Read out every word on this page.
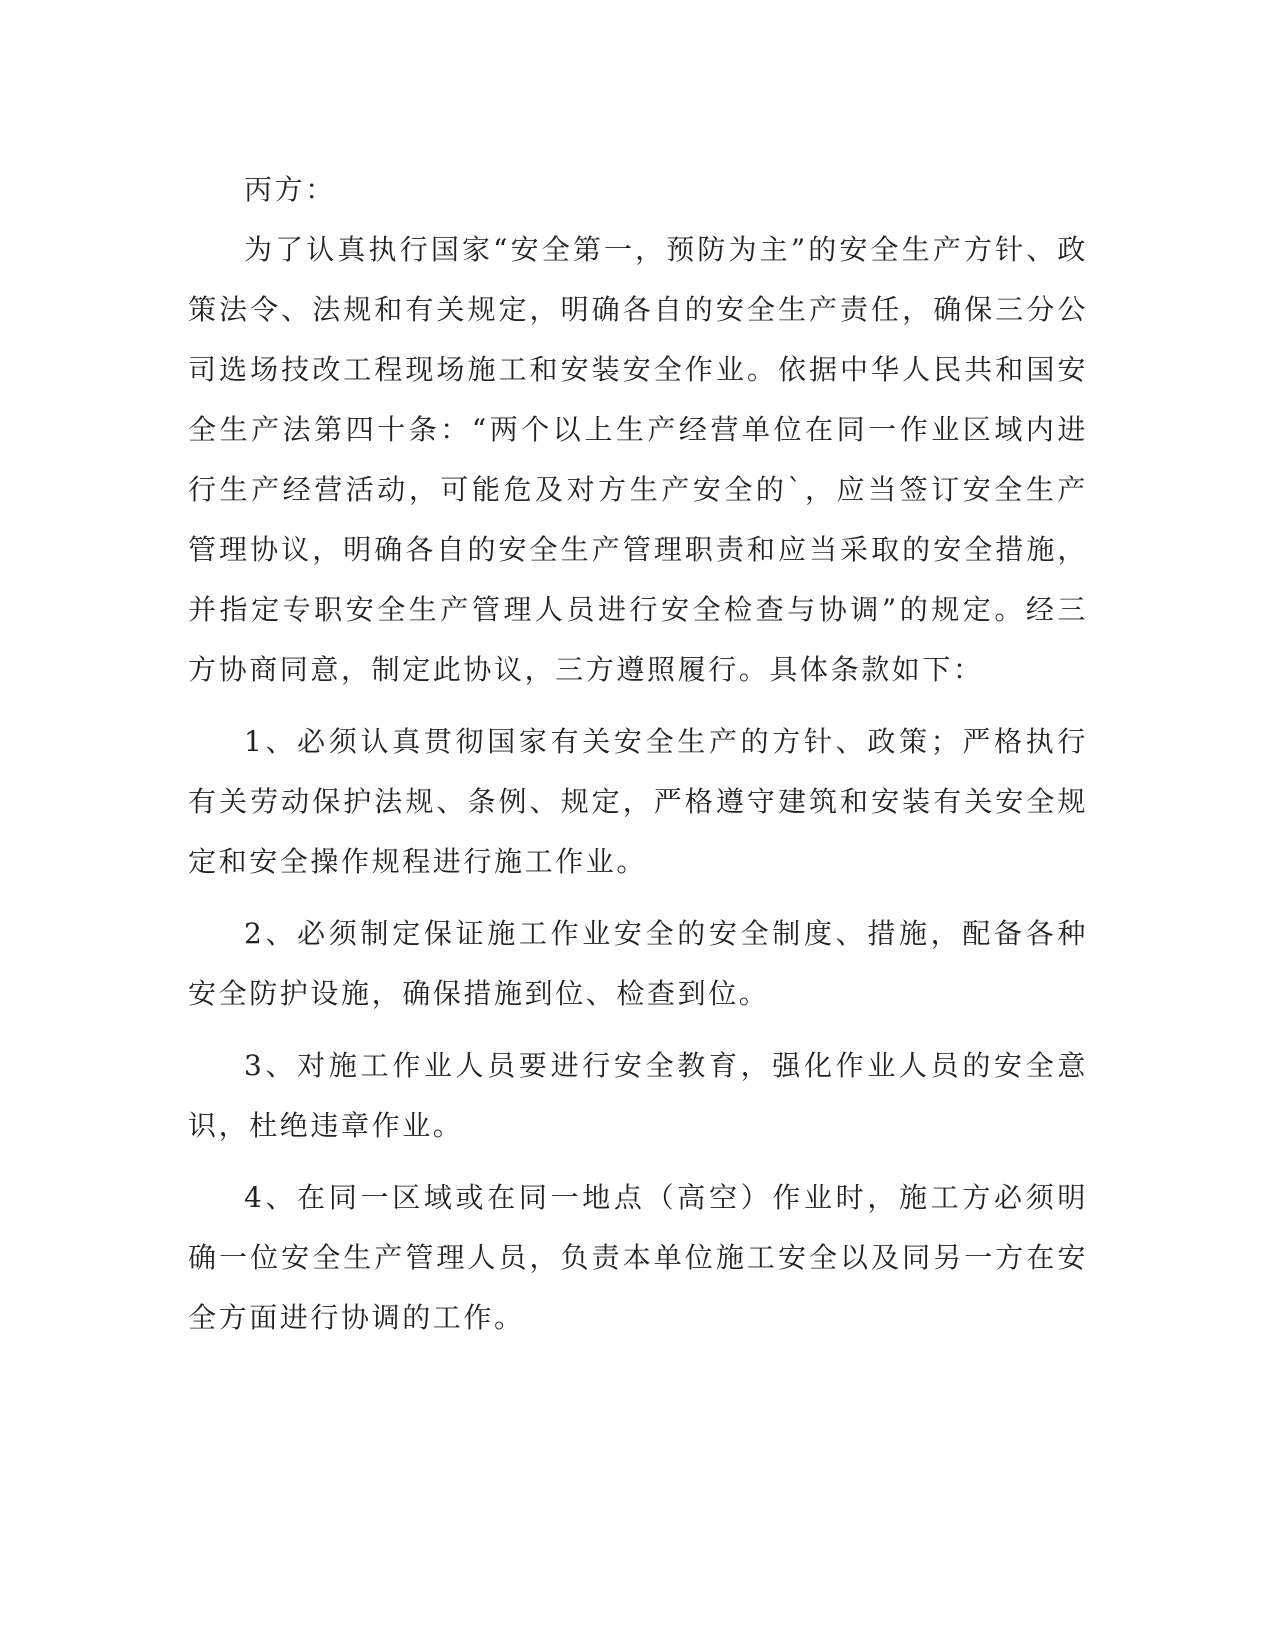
丙方：

为了认真执行国家“安全第一，预防为主”的安全生产方针、政策法令、法规和有关规定，明确各自的安全生产责任，确保三分公司选场技改工程现场施工和安装安全作业。依据中华人民共和国安全生产法第四十条：“两个以上生产经营单位在同一作业区域内进行生产经营活动，可能危及对方生产安全的`，应当签订安全生产管理协议，明确各自的安全生产管理职责和应当采取的安全措施，并指定专职安全生产管理人员进行安全检查与协调”的规定。经三方协商同意，制定此协议，三方遵照履行。具体条款如下：

1、必须认真贯彻国家有关安全生产的方针、政策；严格执行有关劳动保护法规、条例、规定，严格遵守建筑和安装有关安全规定和安全操作规程进行施工作业。

2、必须制定保证施工作业安全的安全制度、措施，配备各种安全防护设施，确保措施到位、检查到位。

3、对施工作业人员要进行安全教育，强化作业人员的安全意识，杜绝违章作业。

4、在同一区域或在同一地点（高空）作业时，施工方必须明确一位安全生产管理人员，负责本单位施工安全以及同另一方在安全方面进行协调的工作。
